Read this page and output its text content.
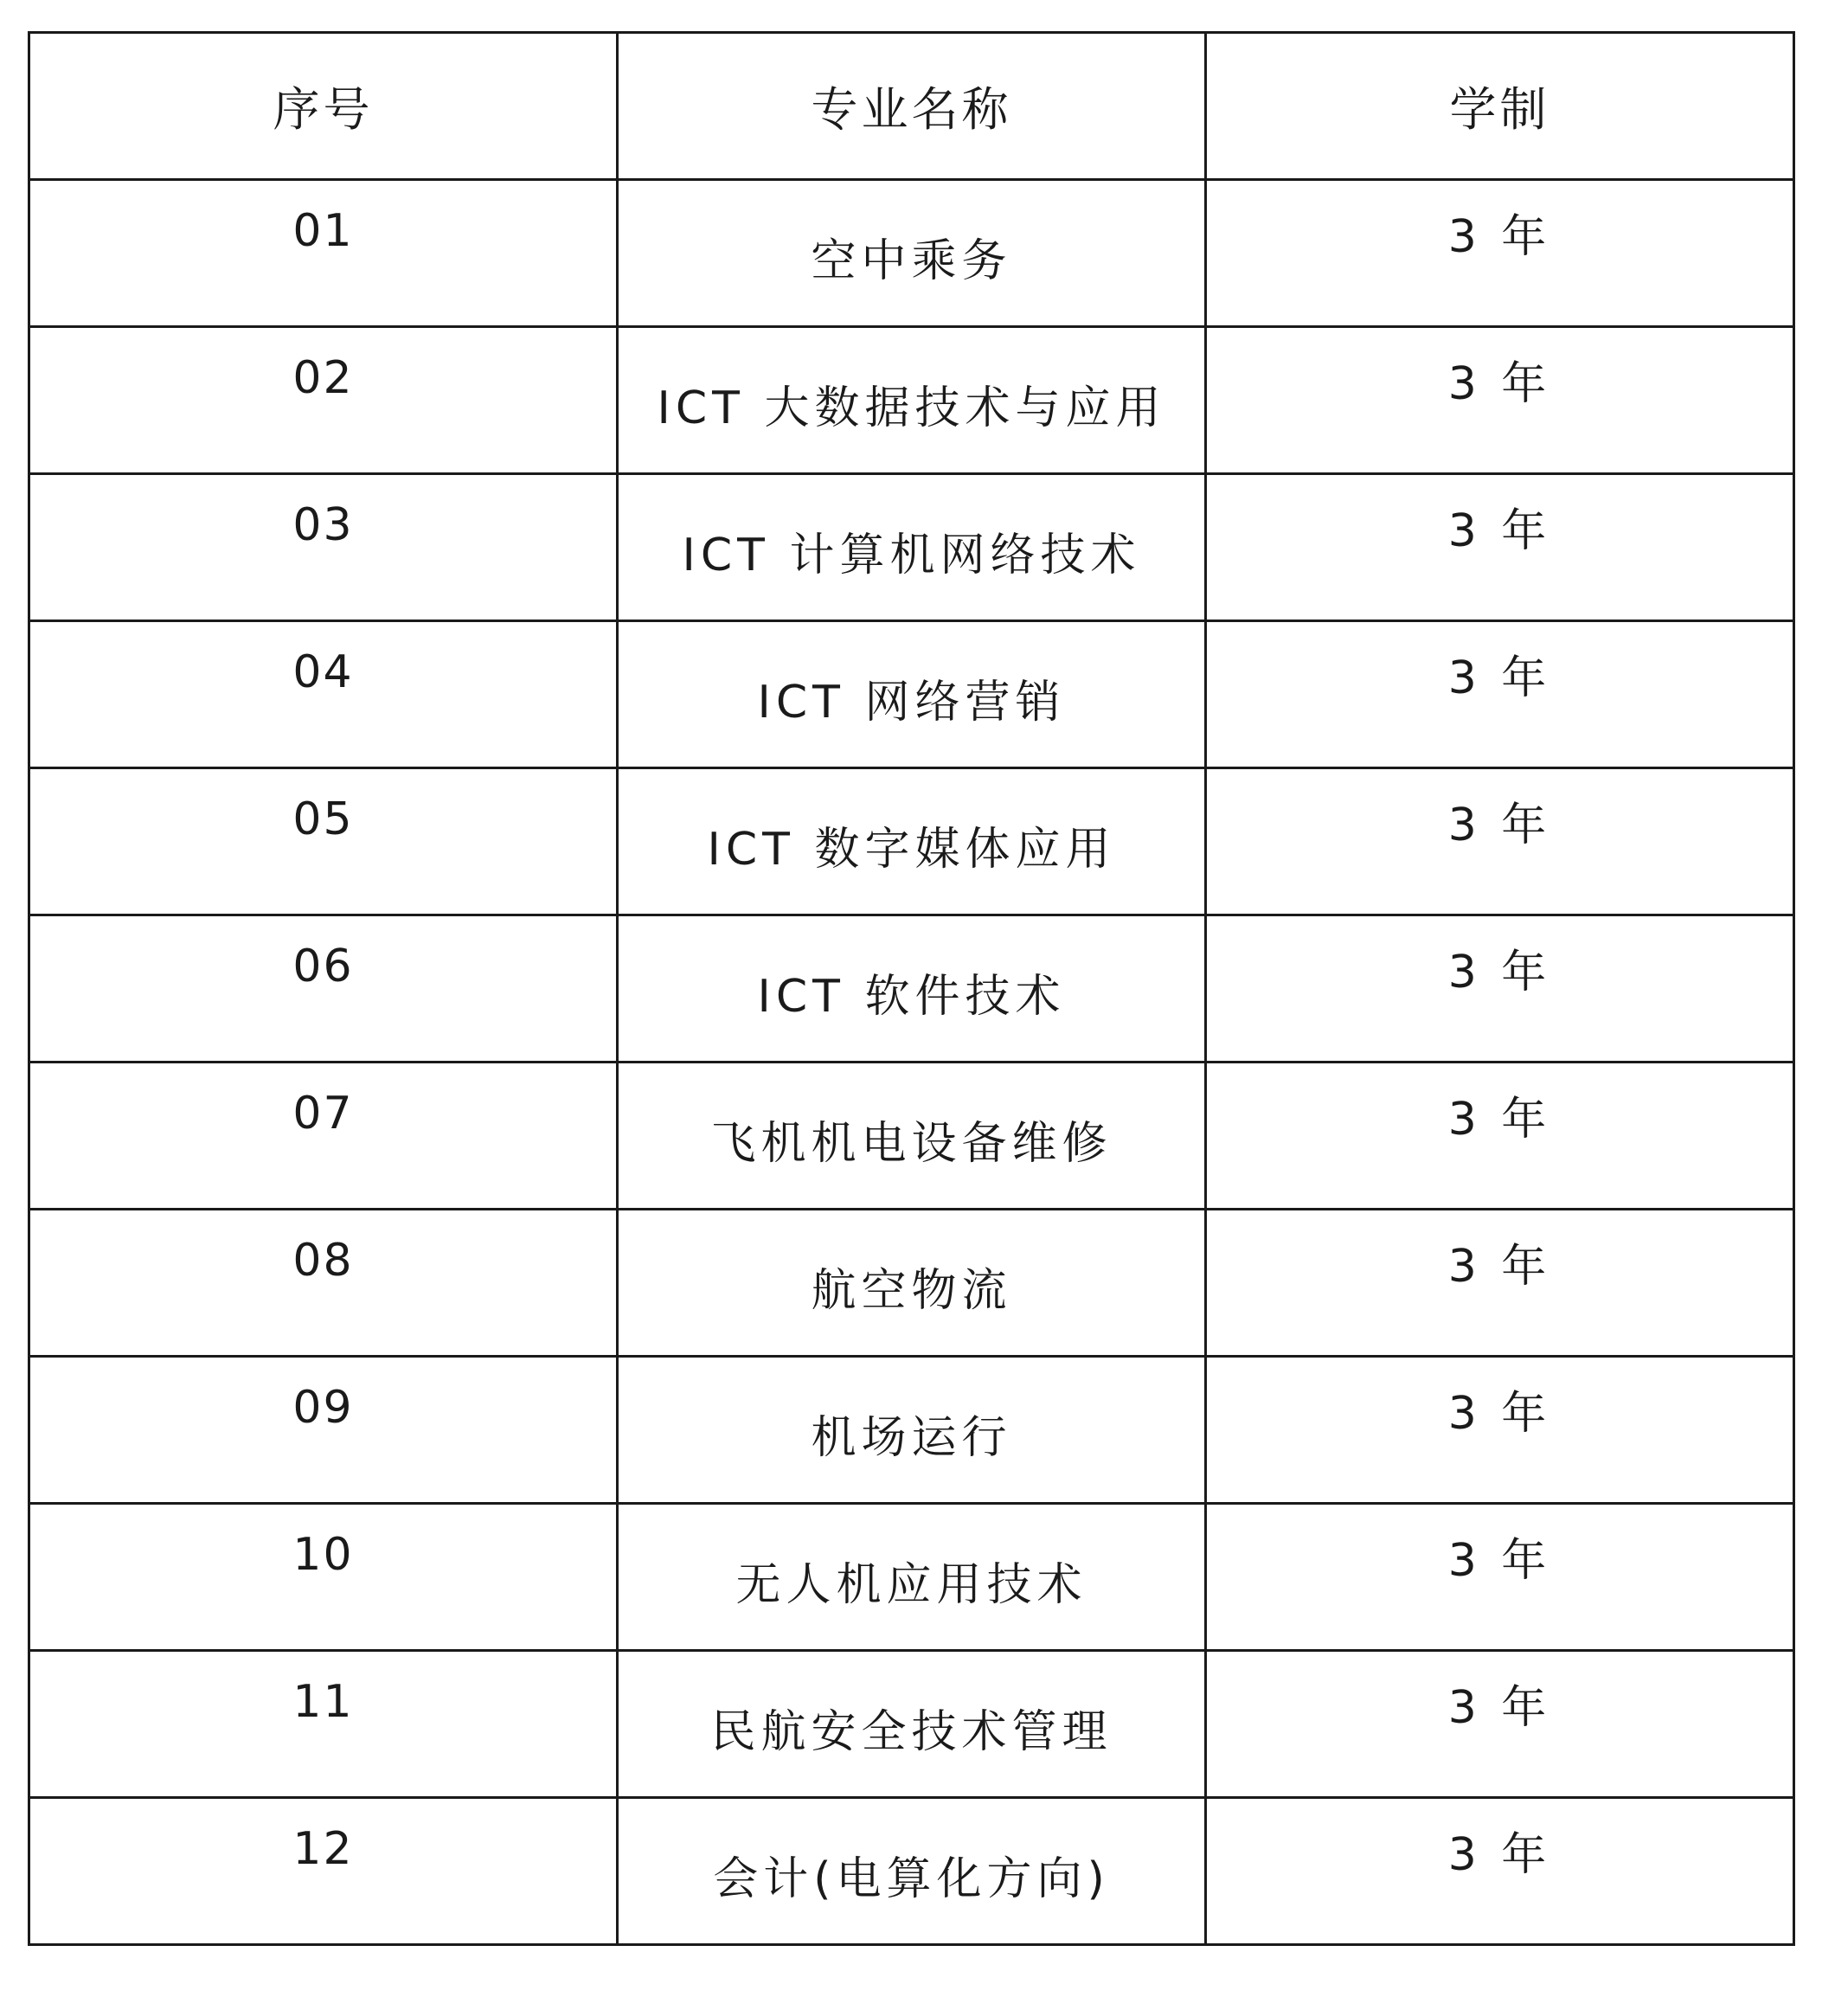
序号	专业名称	学制
01	空中乘务	3 年
02	ICT 大数据技术与应用	3 年
03	ICT 计算机网络技术	3 年
04	ICT 网络营销	3 年
05	ICT 数字媒体应用	3 年
06	ICT 软件技术	3 年
07	飞机机电设备维修	3 年
08	航空物流	3 年
09	机场运行	3 年
10	无人机应用技术	3 年
11	民航安全技术管理	3 年
12	会计(电算化方向)	3 年
